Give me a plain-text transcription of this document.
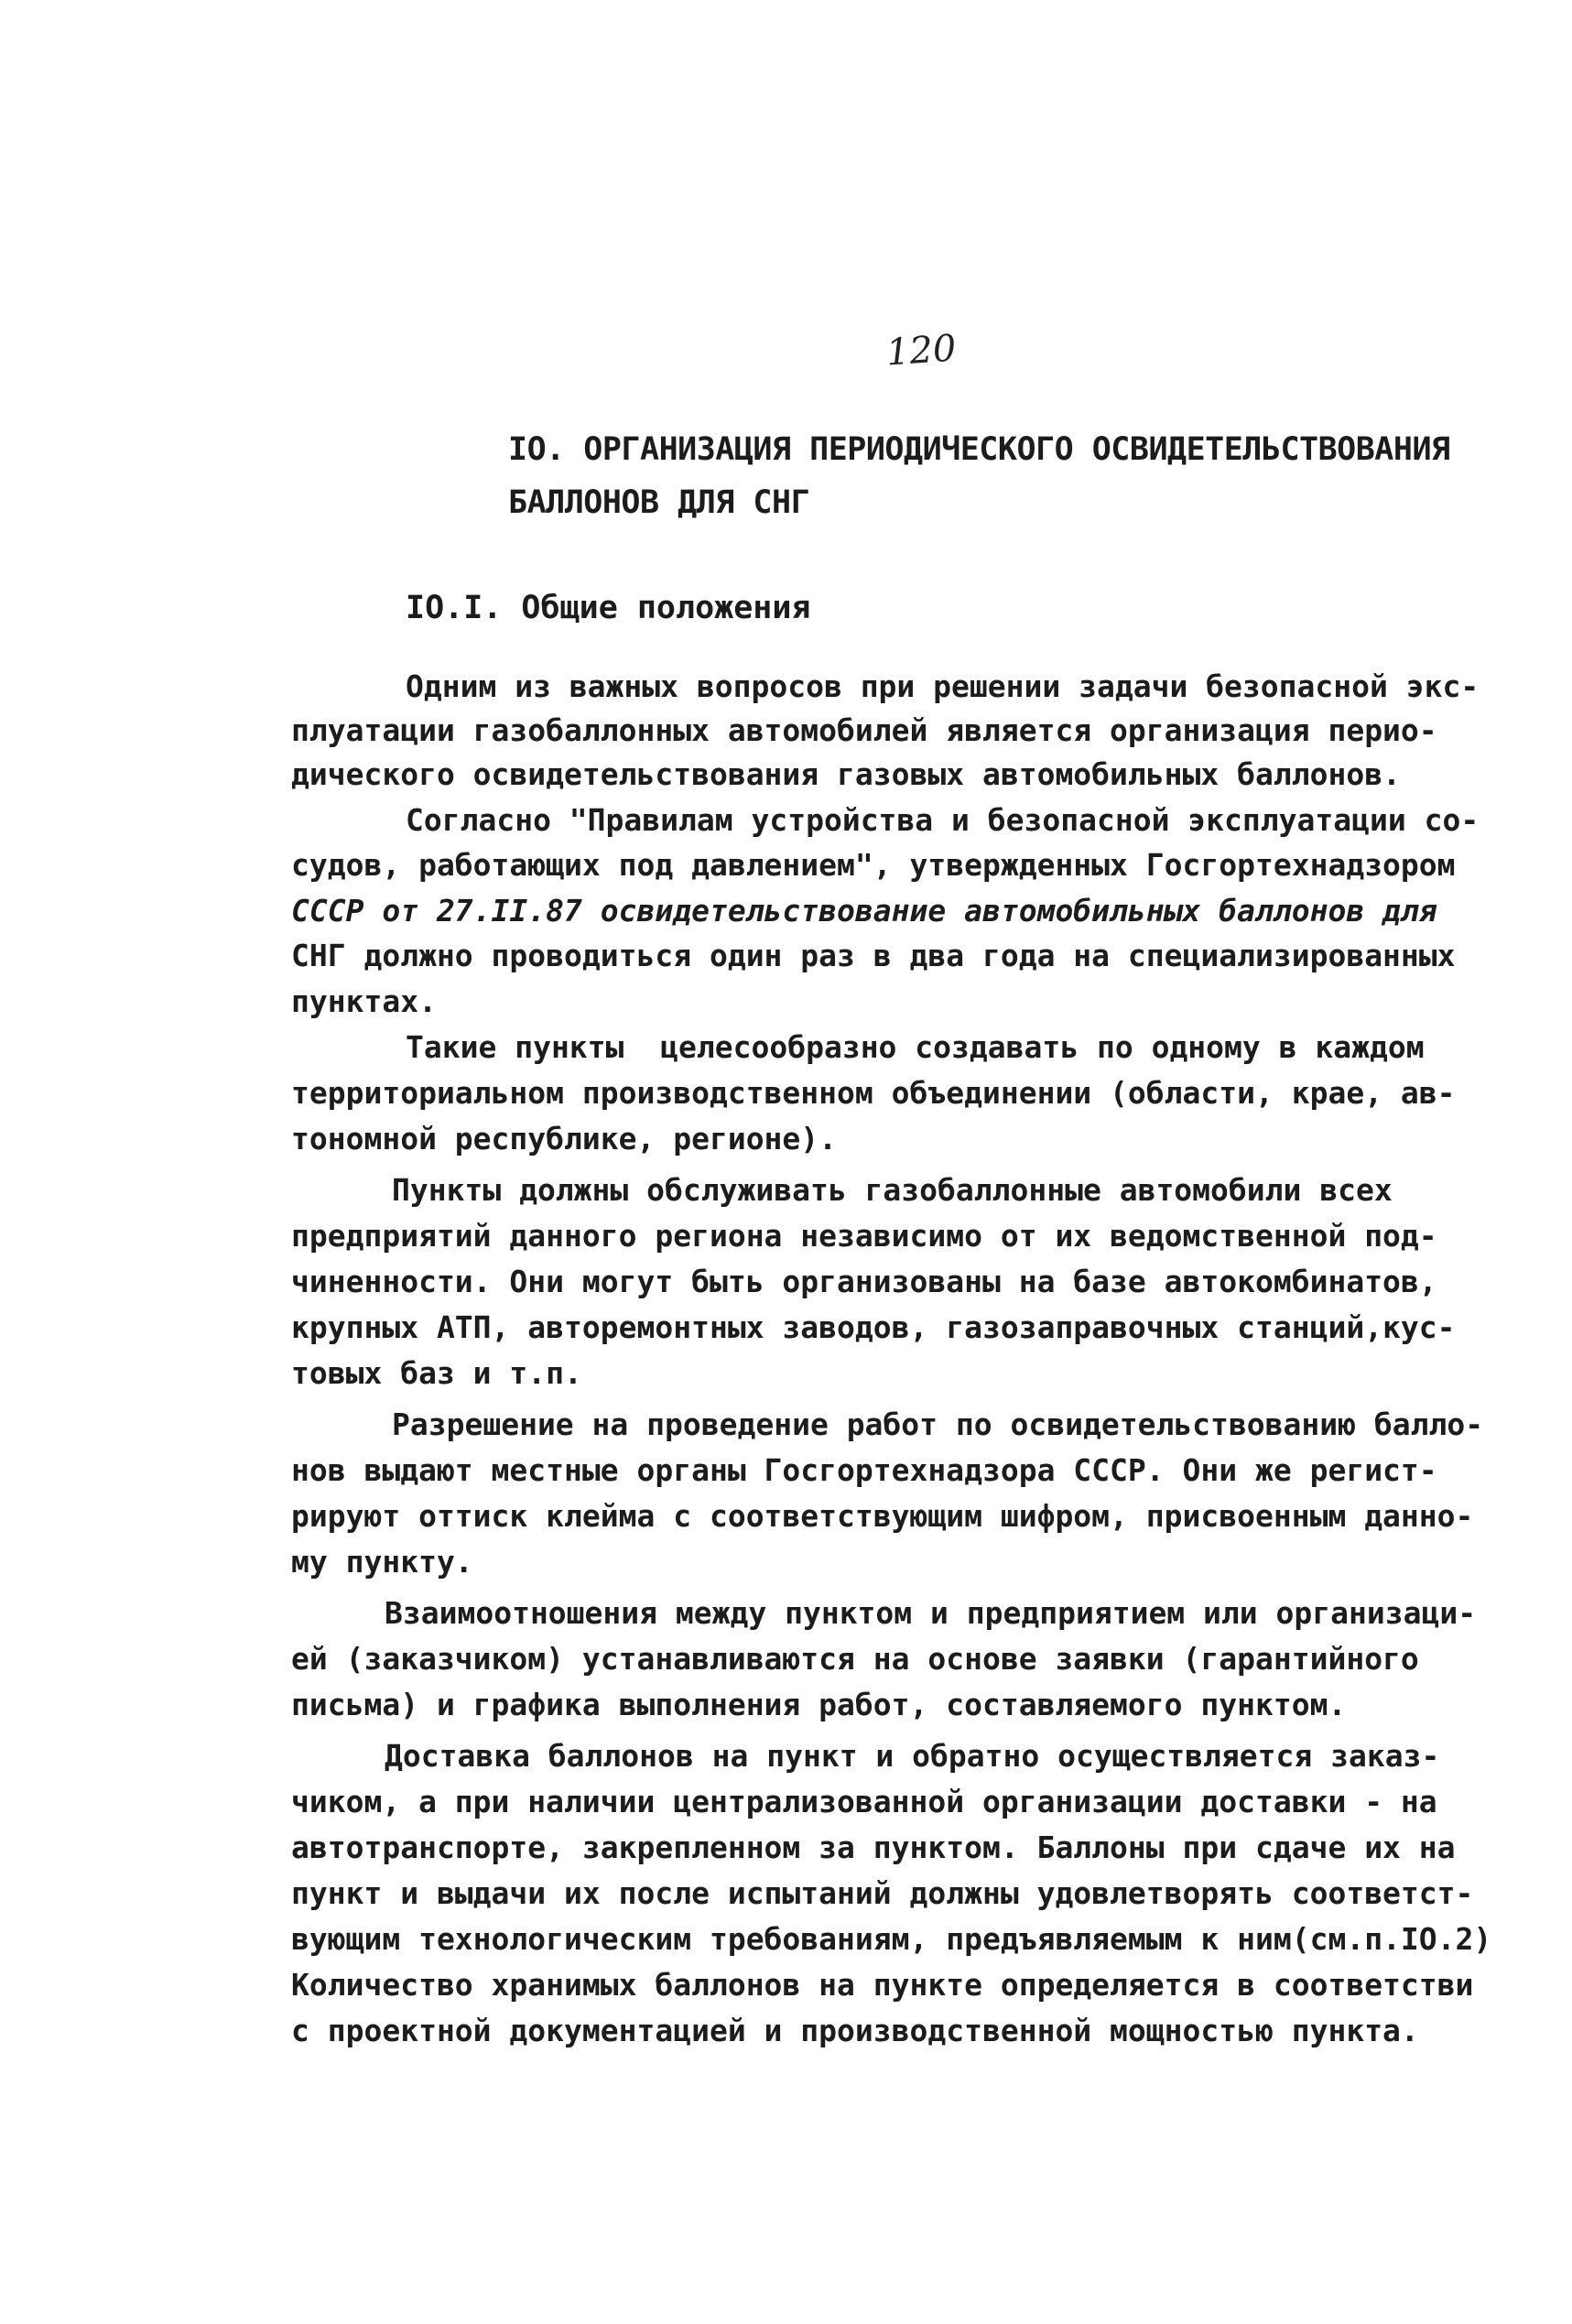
120
IO. ОРГАНИЗАЦИЯ ПЕРИОДИЧЕСКОГО ОСВИДЕТЕЛЬСТВОВАНИЯ
БАЛЛОНОВ ДЛЯ СНГ
IO.I. Общие положения
Одним из важных вопросов при решении задачи безопасной экс-
плуатации газобаллонных автомобилей является организация перио-
дического освидетельствования газовых автомобильных баллонов.
Согласно "Правилам устройства и безопасной эксплуатации со-
судов, работающих под давлением", утвержденных Госгортехнадзором
СССР от 27.II.87 освидетельствование автомобильных баллонов для
СНГ должно проводиться один раз в два года на специализированных
пунктах.
Такие пункты  целесообразно создавать по одному в каждом
территориальном производственном объединении (области, крае, ав-
тономной республике, регионе).
Пункты должны обслуживать газобаллонные автомобили всех
предприятий данного региона независимо от их ведомственной под-
чиненности. Они могут быть организованы на базе автокомбинатов,
крупных АТП, авторемонтных заводов, газозаправочных станций,кус-
товых баз и т.п.
Разрешение на проведение работ по освидетельствованию балло-
нов выдают местные органы Госгортехнадзора СССР. Они же регист-
рируют оттиск клейма с соответствующим шифром, присвоенным данно-
му пункту.
Взаимоотношения между пунктом и предприятием или организаци-
ей (заказчиком) устанавливаются на основе заявки (гарантийного
письма) и графика выполнения работ, составляемого пунктом.
Доставка баллонов на пункт и обратно осуществляется заказ-
чиком, а при наличии централизованной организации доставки - на
автотранспорте, закрепленном за пунктом. Баллоны при сдаче их на
пункт и выдачи их после испытаний должны удовлетворять соответст-
вующим технологическим требованиям, предъявляемым к ним(см.п.IO.2)
Количество хранимых баллонов на пункте определяется в соответстви
с проектной документацией и производственной мощностью пункта.
